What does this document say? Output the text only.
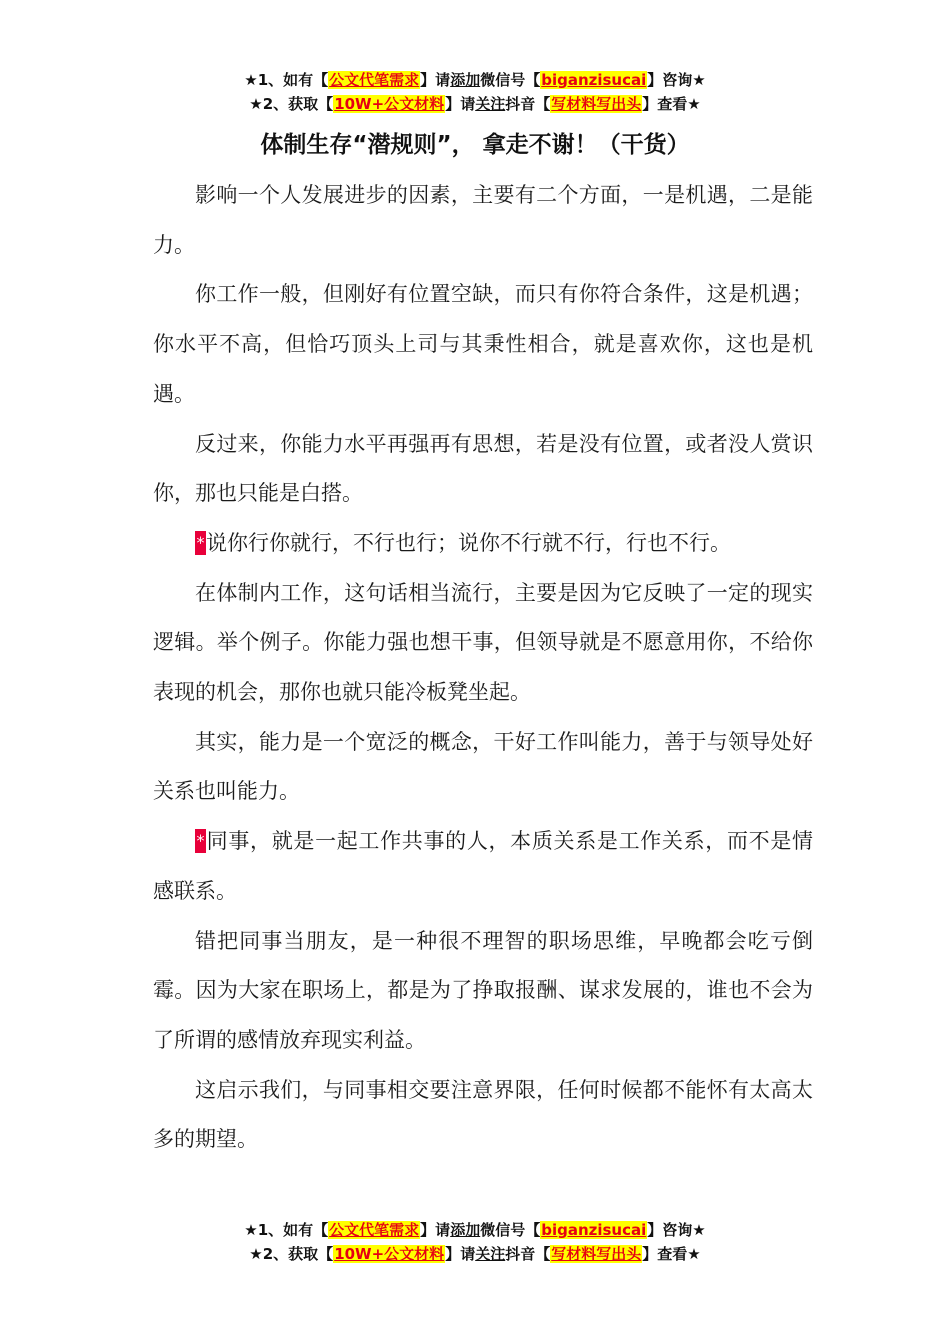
★1、如有【公文代笔需求】请添加微信号【biganzisucai】咨询★
★2、获取【10W+公文材料】请关注抖音【写材料写出头】查看★
体制生存“潜规则”， 拿走不谢！（干货）

影响一个人发展进步的因素，主要有二个方面，一是机遇，二是能力。

你工作一般，但刚好有位置空缺，而只有你符合条件，这是机遇；你水平不高，但恰巧顶头上司与其秉性相合，就是喜欢你，这也是机遇。

反过来，你能力水平再强再有思想，若是没有位置，或者没人赏识你，那也只能是白搭。

*说你行你就行，不行也行；说你不行就不行，行也不行。

在体制内工作，这句话相当流行，主要是因为它反映了一定的现实逻辑。举个例子。你能力强也想干事，但领导就是不愿意用你，不给你表现的机会，那你也就只能冷板凳坐起。

其实，能力是一个宽泛的概念，干好工作叫能力，善于与领导处好关系也叫能力。

*同事，就是一起工作共事的人，本质关系是工作关系，而不是情感联系。

错把同事当朋友，是一种很不理智的职场思维，早晚都会吃亏倒霉。因为大家在职场上，都是为了挣取报酬、谋求发展的，谁也不会为了所谓的感情放弃现实利益。

这启示我们，与同事相交要注意界限，任何时候都不能怀有太高太多的期望。

★1、如有【公文代笔需求】请添加微信号【biganzisucai】咨询★
★2、获取【10W+公文材料】请关注抖音【写材料写出头】查看★
